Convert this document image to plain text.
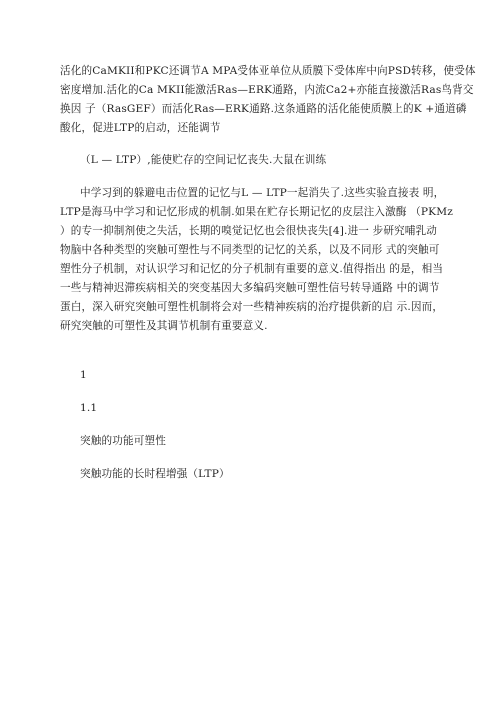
活化的CaMKII和PKC还调节A MPA受体亚单位从质膜下受体库中向PSD转移，使受体
密度增加.活化的Ca MKII能激活Ras—ERK通路，内流Ca2+亦能直接激活Ras鸟背交
换因 子（RasGEF）而活化Ras—ERK通路.这条通路的活化能使质膜上的K +通道磷
酸化，促进LTP的启动，还能调节
（L — LTP）,能使贮存的空间记忆丧失.大鼠在训练
中学习到的躲避电击位置的记忆与L — LTP一起消失了.这些实验直接表 明，
LTP是海马中学习和记忆形成的机制.如果在贮存长期记忆的皮层注入激酶 （PKMz
）的专一抑制剂使之失活，长期的嗅觉记忆也会很快丧失[4].进一 步研究哺乳动
物脑中各种类型的突触可塑性与不同类型的记忆的关系，以及不同形 式的突触可
塑性分子机制，对认识学习和记忆的分子机制有重要的意义.值得指出 的是，相当
一些与精神迟滞疾病相关的突变基因大多编码突触可塑性信号转导通路 中的调节
蛋白，深入研究突触可塑性机制将会对一些精神疾病的治疗提供新的启 示.因而，
研究突触的可塑性及其调节机制有重要意义.
1
1.1
突触的功能可塑性
突触功能的长时程增强（LTP）
